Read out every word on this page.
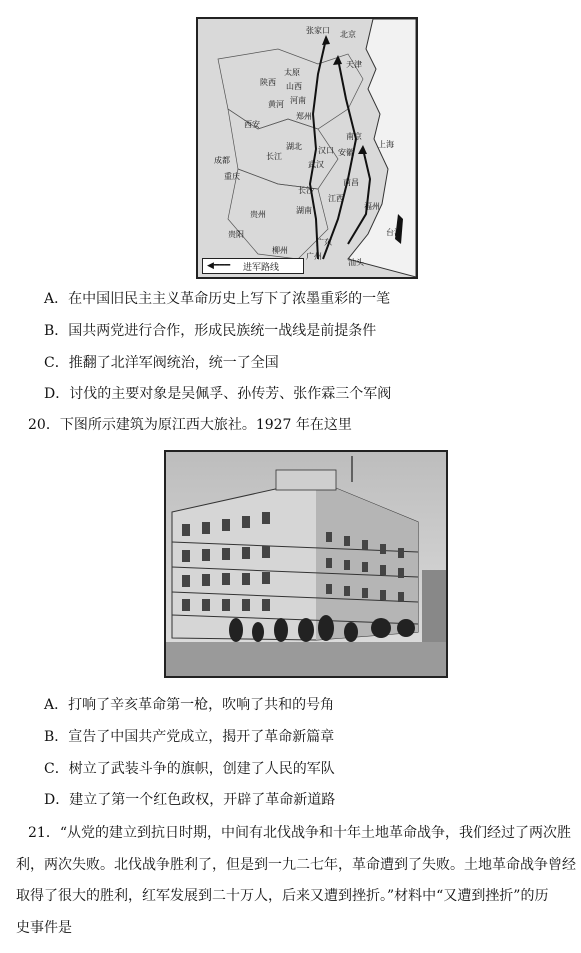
张家口 北京
天津
太原
山西
陕西
西安
郑州
河南
湖北 汉口
武汉
南京
安徽
上海
南昌
江西
长沙
湖南	福州
贵州
广东
广州
台湾
成都
重庆
贵阳
柳州
汕头
长江
黄河
◀━━━ 进军路线
A．在中国旧民主主义革命历史上写下了浓墨重彩的一笔
B．国共两党进行合作，形成民族统一战线是前提条件
C．推翻了北洋军阀统治，统一了全国
D．讨伐的主要对象是吴佩孚、孙传芳、张作霖三个军阀
20．下图所示建筑为原江西大旅社。1927 年在这里
A．打响了辛亥革命第一枪，吹响了共和的号角
B．宣告了中国共产党成立，揭开了革命新篇章
C．树立了武装斗争的旗帜，创建了人民的军队
D．建立了第一个红色政权，开辟了革命新道路
21．“从党的建立到抗日时期，中间有北伐战争和十年土地革命战争，我们经过了两次胜
利，两次失败。北伐战争胜利了，但是到一九二七年，革命遭到了失败。土地革命战争曾经
取得了很大的胜利，红军发展到二十万人，后来又遭到挫折。”材料中“又遭到挫折”的历
史事件是
